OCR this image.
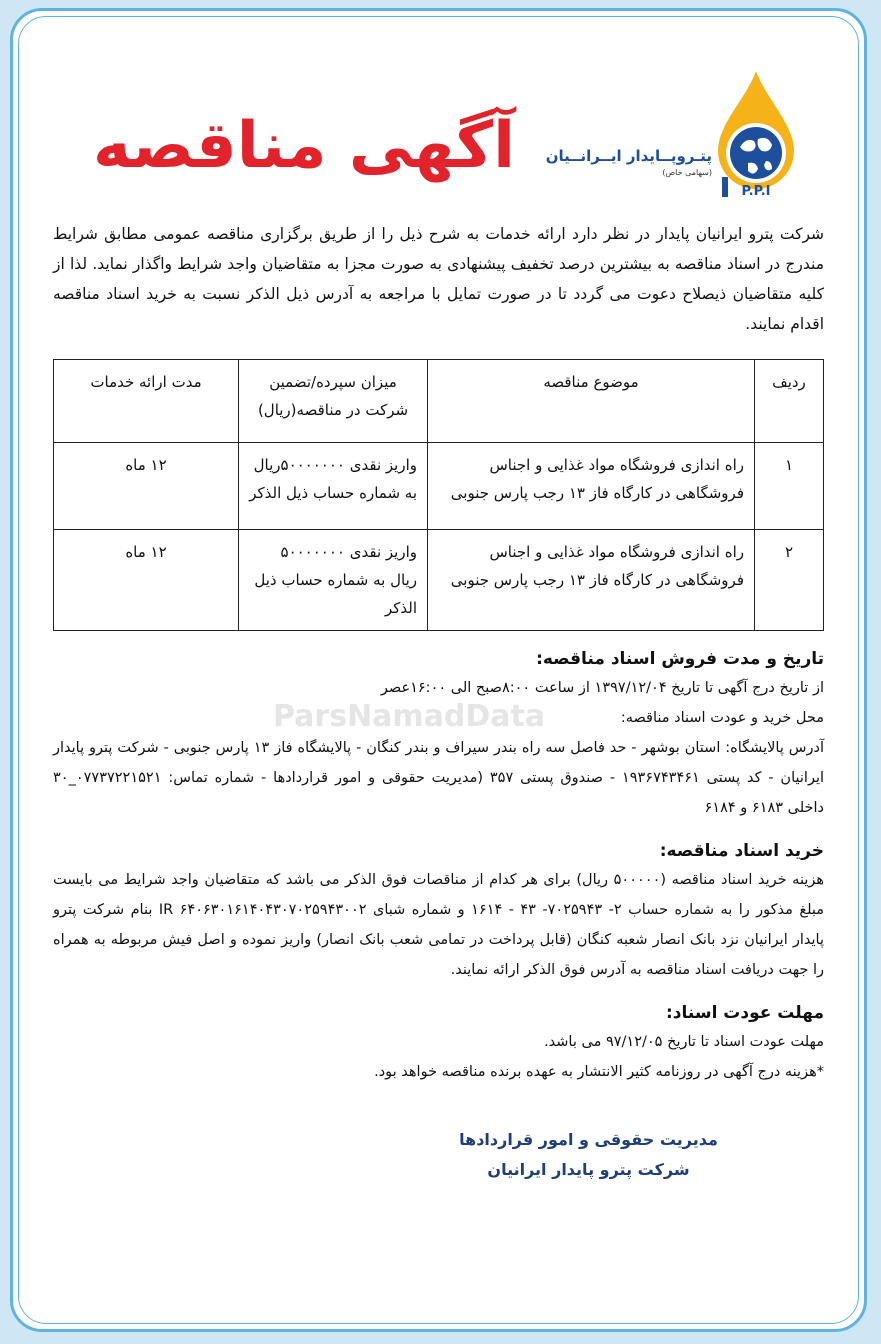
P.P.I
پتـروپــایدار ایــرانــیان
(سهامی خاص)
آگهی مناقصه

شرکت پترو ایرانیان پایدار در نظر دارد ارائه خدمات به شرح ذیل را از طریق برگزاری مناقصه عمومی مطابق شرایط مندرج در اسناد مناقصه به بیشترین درصد تخفیف پیشنهادی به صورت مجزا به متقاضیان واجد شرایط واگذار نماید. لذا از کلیه متقاضیان ذیصلاح دعوت می گردد تا در صورت تمایل با مراجعه به آدرس ذیل الذکر نسبت به خرید اسناد مناقصه اقدام نمایند.

ردیف	موضوع مناقصه	میزان سپرده/تضمین شرکت در مناقصه(ریال)	مدت ارائه خدمات
۱	راه اندازی فروشگاه مواد غذایی و اجناس فروشگاهی در کارگاه فاز ۱۳ رجب پارس جنوبی	واریز نقدی ۵۰۰۰۰۰۰۰ریال به شماره حساب ذیل الذکر	۱۲ ماه
۲	راه اندازی فروشگاه مواد غذایی و اجناس فروشگاهی در کارگاه فاز ۱۳ رجب پارس جنوبی	واریز نقدی ۵۰۰۰۰۰۰۰ ریال به شماره حساب ذیل الذکر	۱۲ ماه
تاریخ و مدت فروش اسناد مناقصه:

از تاریخ درج آگهی تا تاریخ ۱۳۹۷/۱۲/۰۴ از ساعت ۸:۰۰صبح الی ۱۶:۰۰عصر

محل خرید و عودت اسناد مناقصه:

آدرس پالایشگاه: استان بوشهر - حد فاصل سه راه بندر سیراف و بندر کنگان - پالایشگاه فاز ۱۳ پارس جنوبی - شرکت پترو پایدار ایرانیان - کد پستی ۱۹۳۶۷۴۳۴۶۱ - صندوق پستی ۳۵۷ (مدیریت حقوقی و امور قراردادها - شماره تماس: ۰۷۷۳۷۲۲۱۵۲۱_۳۰ داخلی ۶۱۸۳ و ۶۱۸۴

خرید اسناد مناقصه:

هزینه خرید اسناد مناقصه (۵۰۰۰۰۰ ریال) برای هر کدام از مناقصات فوق الذکر می باشد که متقاضیان واجد شرایط می بایست مبلغ مذکور را به شماره حساب ۲- ۷۰۲۵۹۴۳- ۴۳ - ۱۶۱۴ و شماره شبای IR ۶۴۰۶۳۰۱۶۱۴۰۴۳۰۷۰۲۵۹۴۳۰۰۲ بنام شرکت پترو پایدار ایرانیان نزد بانک انصار شعبه کنگان (قابل پرداخت در تمامی شعب بانک انصار) واریز نموده و اصل فیش مربوطه به همراه را جهت دریافت اسناد مناقصه به آدرس فوق الذکر ارائه نمایند.

مهلت عودت اسناد:

مهلت عودت اسناد تا تاریخ ۹۷/۱۲/۰۵ می باشد.

*هزینه درج آگهی در روزنامه کثیر الانتشار به عهده برنده مناقصه خواهد بود.

مدیریت حقوقی و امور قراردادها
شرکت پترو پایدار ایرانیان
ParsNamadData
